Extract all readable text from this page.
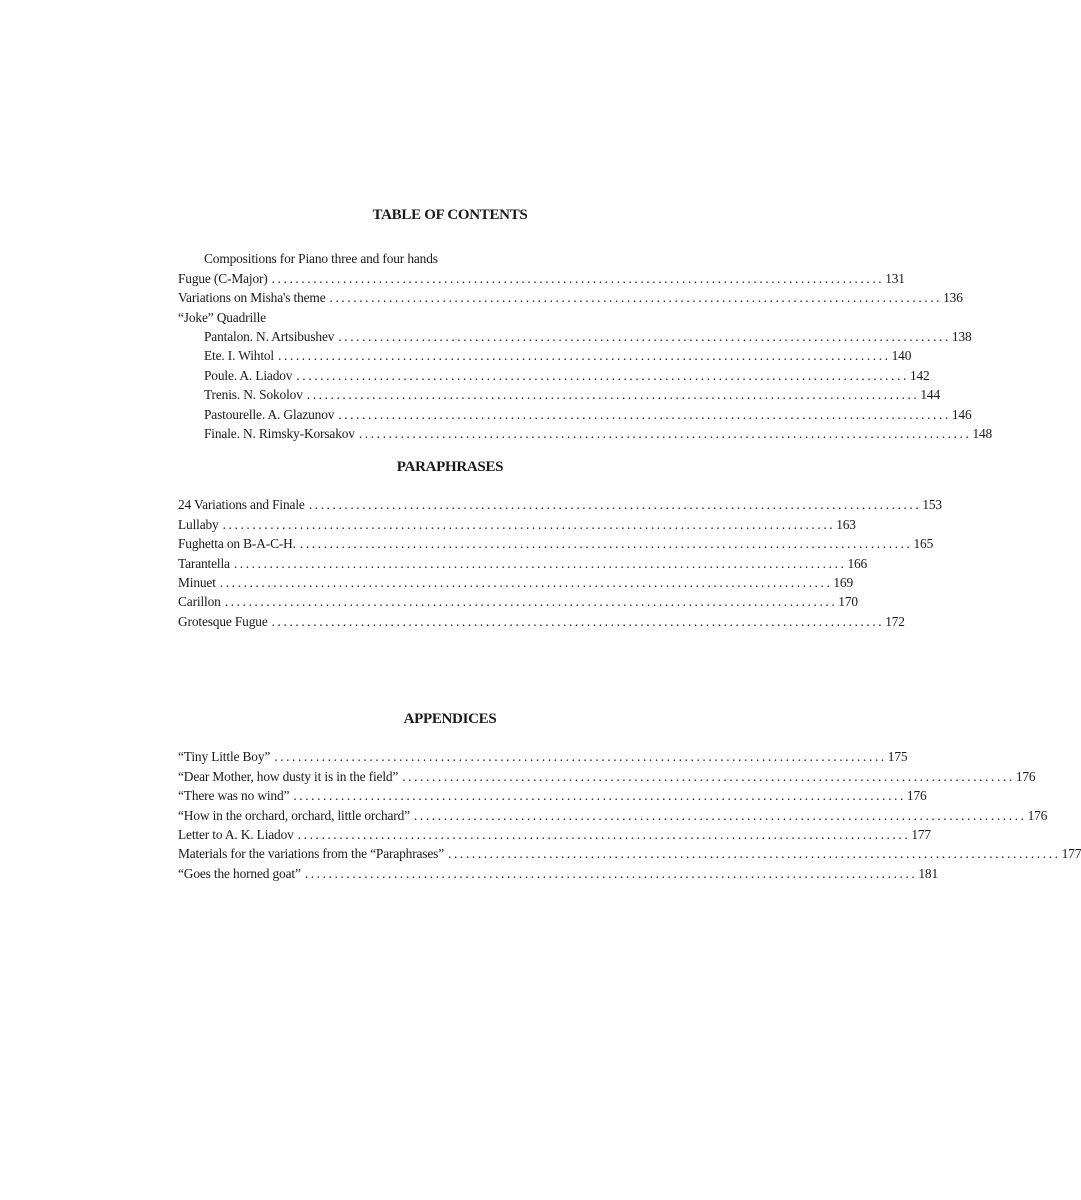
TABLE OF CONTENTS
Compositions for Piano three and four hands
Fugue (C-Major) ....................................................................................................... 131
Variations on Misha's theme ....................................................................................................... 136
“Joke” Quadrille
Pantalon. N. Artsibushev ....................................................................................................... 138
Ete. I. Wihtol ....................................................................................................... 140
Poule. A. Liadov ....................................................................................................... 142
Trenis. N. Sokolov ....................................................................................................... 144
Pastourelle. A. Glazunov ....................................................................................................... 146
Finale. N. Rimsky-Korsakov ....................................................................................................... 148
PARAPHRASES
24 Variations and Finale ....................................................................................................... 153
Lullaby ....................................................................................................... 163
Fughetta on B-A-C-H. ....................................................................................................... 165
Tarantella ....................................................................................................... 166
Minuet ....................................................................................................... 169
Carillon ....................................................................................................... 170
Grotesque Fugue ....................................................................................................... 172
APPENDICES
“Tiny Little Boy” ....................................................................................................... 175
“Dear Mother, how dusty it is in the field” ....................................................................................................... 176
“There was no wind” ....................................................................................................... 176
“How in the orchard, orchard, little orchard” ....................................................................................................... 176
Letter to A. K. Liadov ....................................................................................................... 177
Materials for the variations from the “Paraphrases” ....................................................................................................... 177
“Goes the horned goat” ....................................................................................................... 181
